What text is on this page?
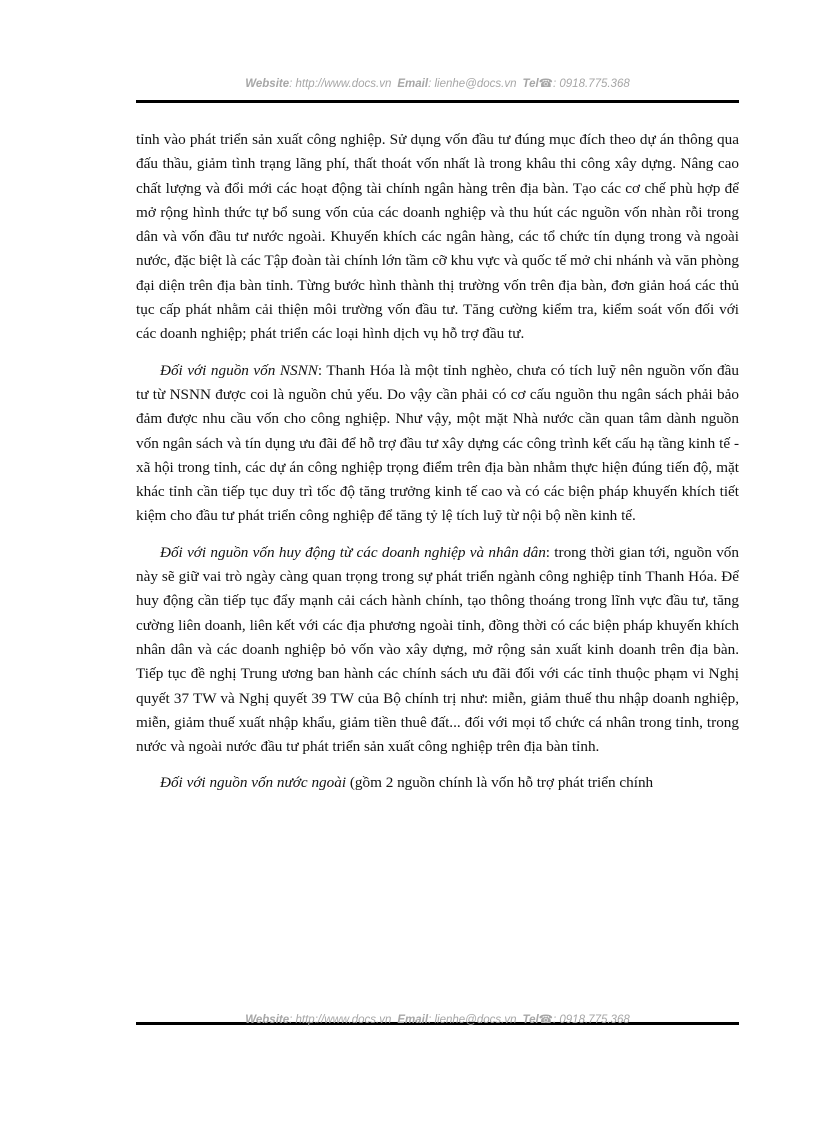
Website: http://www.docs.vn Email: lienhe@docs.vn Tel☎: 0918.775.368

tỉnh vào phát triển sản xuất công nghiệp. Sử dụng vốn đầu tư đúng mục đích theo dự án thông qua đấu thầu, giảm tình trạng lãng phí, thất thoát vốn nhất là trong khâu thi công xây dựng. Nâng cao chất lượng và đổi mới các hoạt động tài chính ngân hàng trên địa bàn. Tạo các cơ chế phù hợp để mở rộng hình thức tự bổ sung vốn của các doanh nghiệp và thu hút các nguồn vốn nhàn rỗi trong dân và vốn đầu tư nước ngoài. Khuyến khích các ngân hàng, các tổ chức tín dụng trong và ngoài nước, đặc biệt là các Tập đoàn tài chính lớn tầm cỡ khu vực và quốc tế mở chi nhánh và văn phòng đại diện trên địa bàn tỉnh. Từng bước hình thành thị trường vốn trên địa bàn, đơn giản hoá các thủ tục cấp phát nhằm cải thiện môi trường vốn đầu tư. Tăng cường kiểm tra, kiểm soát vốn đối với các doanh nghiệp; phát triển các loại hình dịch vụ hỗ trợ đầu tư.

Đối với nguồn vốn NSNN: Thanh Hóa là một tỉnh nghèo, chưa có tích luỹ nên nguồn vốn đầu tư từ NSNN được coi là nguồn chủ yếu. Do vậy cần phải có cơ cấu nguồn thu ngân sách phải bảo đảm được nhu cầu vốn cho công nghiệp. Như vậy, một mặt Nhà nước cần quan tâm dành nguồn vốn ngân sách và tín dụng ưu đãi để hỗ trợ đầu tư xây dựng các công trình kết cấu hạ tầng kinh tế - xã hội trong tỉnh, các dự án công nghiệp trọng điểm trên địa bàn nhằm thực hiện đúng tiến độ, mặt khác tỉnh cần tiếp tục duy trì tốc độ tăng trưởng kinh tế cao và có các biện pháp khuyến khích tiết kiệm cho đầu tư phát triển công nghiệp để tăng tỷ lệ tích luỹ từ nội bộ nền kinh tế.

Đối với nguồn vốn huy động từ các doanh nghiệp và nhân dân: trong thời gian tới, nguồn vốn này sẽ giữ vai trò ngày càng quan trọng trong sự phát triển ngành công nghiệp tỉnh Thanh Hóa. Để huy động cần tiếp tục đẩy mạnh cải cách hành chính, tạo thông thoáng trong lĩnh vực đầu tư, tăng cường liên doanh, liên kết với các địa phương ngoài tỉnh, đồng thời có các biện pháp khuyến khích nhân dân và các doanh nghiệp bỏ vốn vào xây dựng, mở rộng sản xuất kinh doanh trên địa bàn. Tiếp tục đề nghị Trung ương ban hành các chính sách ưu đãi đối với các tỉnh thuộc phạm vi Nghị quyết 37 TW và Nghị quyết 39 TW của Bộ chính trị như: miễn, giảm thuế thu nhập doanh nghiệp, miễn, giảm thuế xuất nhập khẩu, giảm tiền thuê đất... đối với mọi tổ chức cá nhân trong tỉnh, trong nước và ngoài nước đầu tư phát triển sản xuất công nghiệp trên địa bàn tỉnh.

Đối với nguồn vốn nước ngoài (gồm 2 nguồn chính là vốn hỗ trợ phát triển chính

Website: http://www.docs.vn Email: lienhe@docs.vn Tel☎: 0918.775.368
